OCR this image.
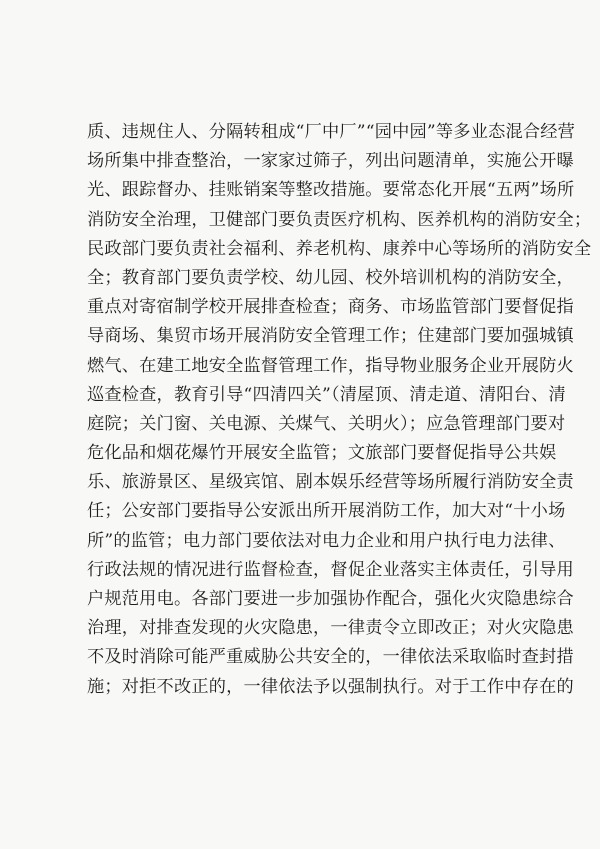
质、违规住人、分隔转租成“厂中厂”“园中园”等多业态混合经营
场所集中排查整治，一家家过筛子，列出问题清单，实施公开曝
光、跟踪督办、挂账销案等整改措施。要常态化开展“五两”场所
消防安全治理，卫健部门要负责医疗机构、医养机构的消防安全；
民政部门要负责社会福利、养老机构、康养中心等场所的消防安全
全；教育部门要负责学校、幼儿园、校外培训机构的消防安全，
重点对寄宿制学校开展排查检查；商务、市场监管部门要督促指
导商场、集贸市场开展消防安全管理工作；住建部门要加强城镇
燃气、在建工地安全监督管理工作，指导物业服务企业开展防火
巡查检查，教育引导“四清四关”（清屋顶、清走道、清阳台、清
庭院；关门窗、关电源、关煤气、关明火）；应急管理部门要对
危化品和烟花爆竹开展安全监管；文旅部门要督促指导公共娱
乐、旅游景区、星级宾馆、剧本娱乐经营等场所履行消防安全责
任；公安部门要指导公安派出所开展消防工作，加大对“十小场
所”的监管；电力部门要依法对电力企业和用户执行电力法律、
行政法规的情况进行监督检查，督促企业落实主体责任，引导用
户规范用电。各部门要进一步加强协作配合，强化火灾隐患综合
治理，对排查发现的火灾隐患，一律责令立即改正；对火灾隐患
不及时消除可能严重威胁公共安全的，一律依法采取临时查封措
施；对拒不改正的，一律依法予以强制执行。对于工作中存在的
